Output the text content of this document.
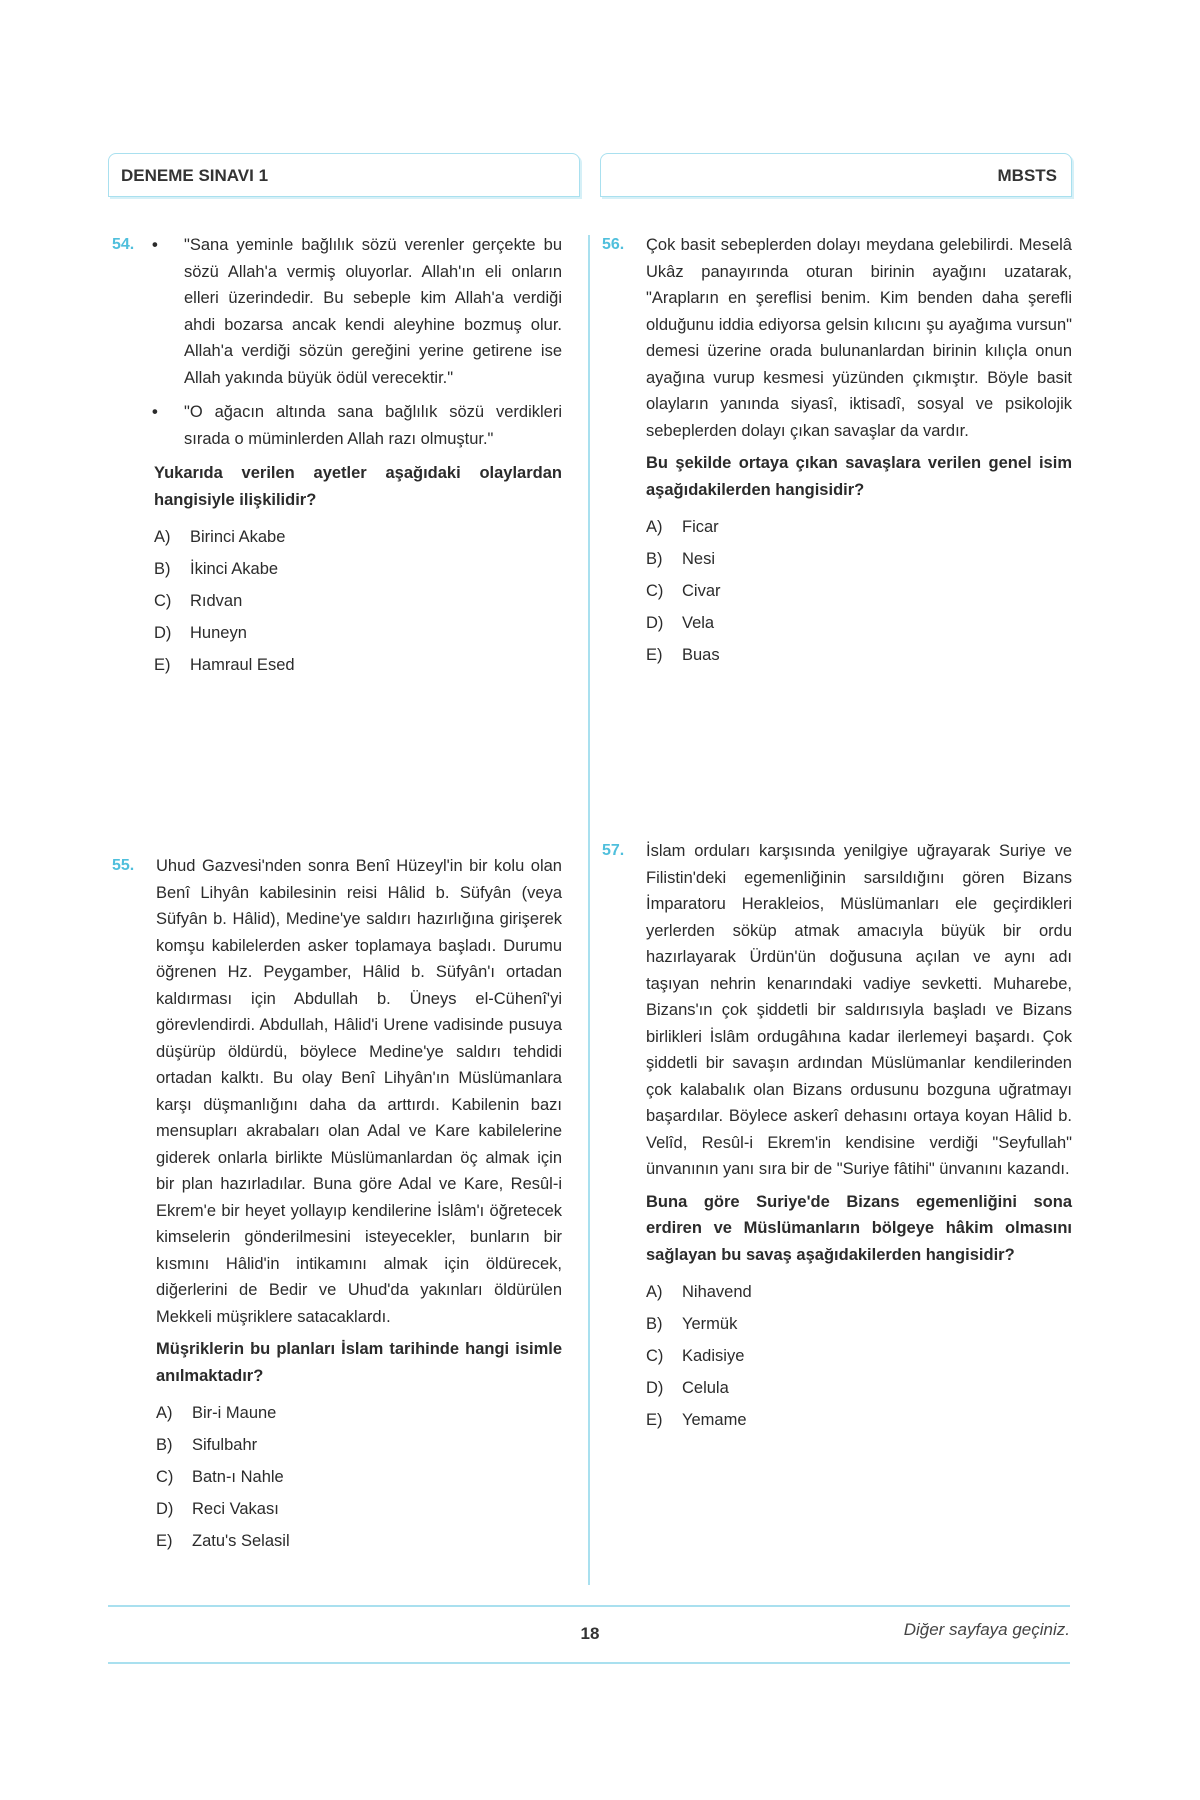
DENEME SINAVI 1	MBSTS
54. • "Sana yeminle bağlılık sözü verenler gerçekte bu sözü Allah'a vermiş oluyorlar. Allah'ın eli onların elleri üzerindedir. Bu sebeple kim Allah'a verdiği ahdi bozarsa ancak kendi aleyhine bozmuş olur. Allah'a verdiği sözün gereğini yerine getirene ise Allah yakında büyük ödül verecektir."
• "O ağacın altında sana bağlılık sözü verdikleri sırada o müminlerden Allah razı olmuştur."
Yukarıda verilen ayetler aşağıdaki olaylardan hangisiyle ilişkilidir?
A)	Birinci Akabe
B)	İkinci Akabe
C)	Rıdvan
D)	Huneyn
E)	Hamraul Esed
56. Çok basit sebeplerden dolayı meydana gelebilirdi. Meselâ Ukâz panayırında oturan birinin ayağını uzatarak, "Arapların en şereflisi benim. Kim benden daha şerefli olduğunu iddia ediyorsa gelsin kılıcını şu ayağıma vursun" demesi üzerine orada bulunanlardan birinin kılıçla onun ayağına vurup kesmesi yüzünden çıkmıştır. Böyle basit olayların yanında siyasî, iktisadî, sosyal ve psikolojik sebeplerden dolayı çıkan savaşlar da vardır.
Bu şekilde ortaya çıkan savaşlara verilen genel isim aşağıdakilerden hangisidir?
A)	Ficar
B)	Nesi
C)	Civar
D)	Vela
E)	Buas
55. Uhud Gazvesi'nden sonra Benî Hüzeyl'in bir kolu olan Benî Lihyân kabilesinin reisi Hâlid b. Süfyân (veya Süfyân b. Hâlid), Medine'ye saldırı hazırlığına girişerek komşu kabilelerden asker toplamaya başladı. Durumu öğrenen Hz. Peygamber, Hâlid b. Süfyân'ı ortadan kaldırması için Abdullah b. Üneys el-Cühenî'yi görevlendirdi. Abdullah, Hâlid'i Urene vadisinde pusuya düşürüp öldürdü, böylece Medine'ye saldırı tehdidi ortadan kalktı. Bu olay Benî Lihyân'ın Müslümanlara karşı düşmanlığını daha da arttırdı. Kabilenin bazı mensupları akrabaları olan Adal ve Kare kabilelerine giderek onlarla birlikte Müslümanlardan öç almak için bir plan hazırladılar. Buna göre Adal ve Kare, Resûl-i Ekrem'e bir heyet yollayıp kendilerine İslâm'ı öğretecek kimselerin gönderilmesini isteyecekler, bunların bir kısmını Hâlid'in intikamını almak için öldürecek, diğerlerini de Bedir ve Uhud'da yakınları öldürülen Mekkeli müşriklere satacaklardı.
Müşriklerin bu planları İslam tarihinde hangi isimle anılmaktadır?
A)	Bir-i Maune
B)	Sifulbahr
C)	Batn-ı Nahle
D)	Reci Vakası
E)	Zatu's Selasil
57. İslam orduları karşısında yenilgiye uğrayarak Suriye ve Filistin'deki egemenliğinin sarsıldığını gören Bizans İmparatoru Herakleios, Müslümanları ele geçirdikleri yerlerden söküp atmak amacıyla büyük bir ordu hazırlayarak Ürdün'ün doğusuna açılan ve aynı adı taşıyan nehrin kenarındaki vadiye sevketti. Muharebe, Bizans'ın çok şiddetli bir saldırısıyla başladı ve Bizans birlikleri İslâm ordugâhına kadar ilerlemeyi başardı. Çok şiddetli bir savaşın ardından Müslümanlar kendilerinden çok kalabalık olan Bizans ordusunu bozguna uğratmayı başardılar. Böylece askerî dehasını ortaya koyan Hâlid b. Velîd, Resûl-i Ekrem'in kendisine verdiği "Seyfullah" ünvanının yanı sıra bir de "Suriye fâtihi" ünvanını kazandı.
Buna göre Suriye'de Bizans egemenliğini sona erdiren ve Müslümanların bölgeye hâkim olmasını sağlayan bu savaş aşağıdakilerden hangisidir?
A)	Nihavend
B)	Yermük
C)	Kadisiye
D)	Celula
E)	Yemame
18	Diğer sayfaya geçiniz.
